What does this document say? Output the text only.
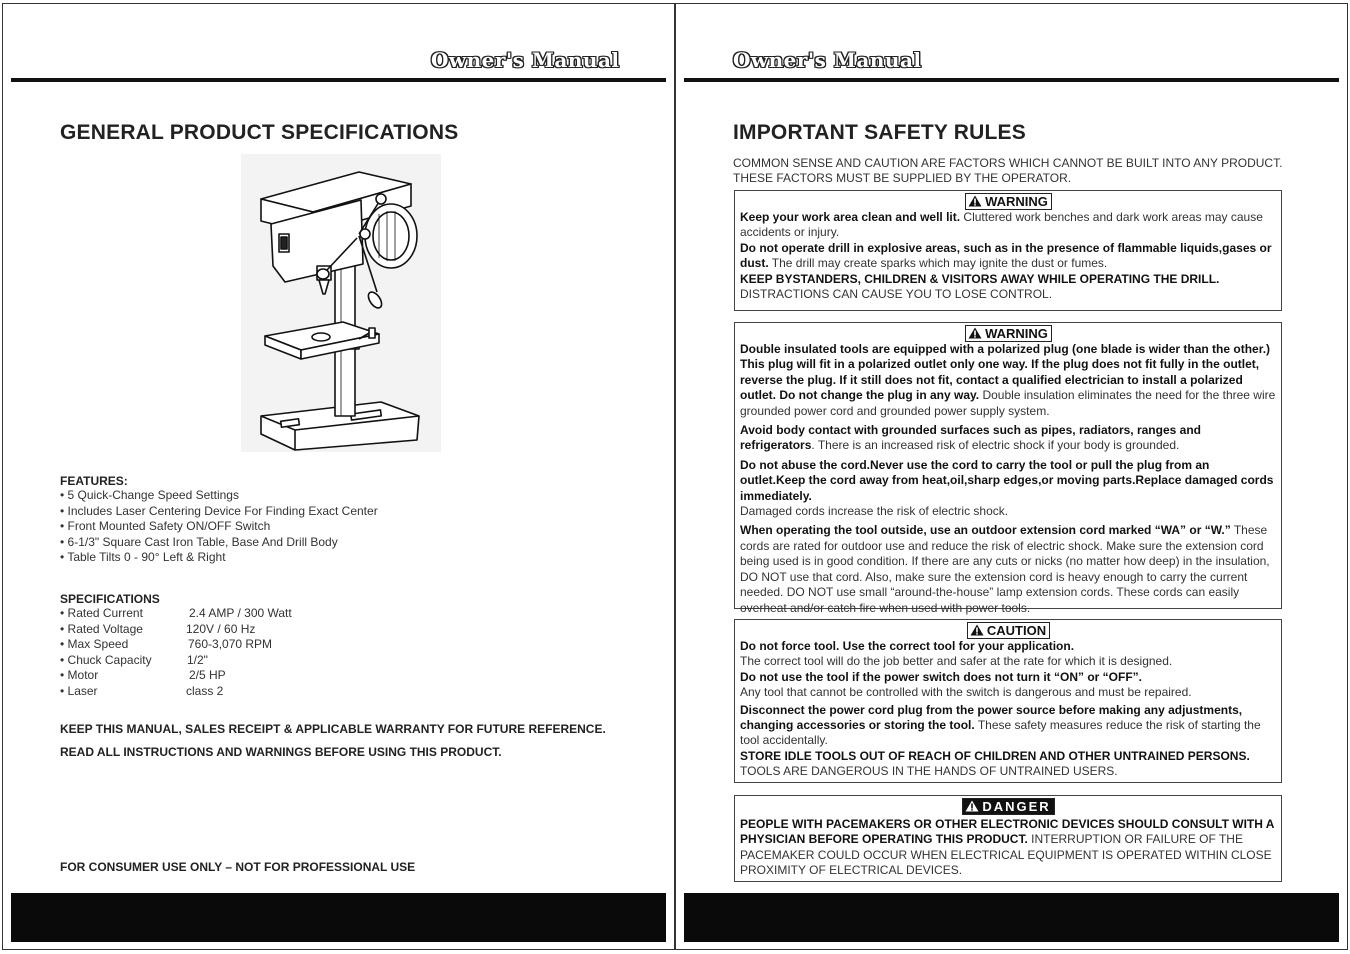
Owner's Manual
GENERAL PRODUCT SPECIFICATIONS

FEATURES:

• 5 Quick-Change Speed Settings
• Includes Laser Centering Device For Finding Exact Center
• Front Mounted Safety ON/OFF Switch
• 6-1/3" Square Cast Iron Table, Base And Drill Body
• Table Tilts 0 - 90° Left & Right

SPECIFICATIONS

• Rated Current	2.4 AMP / 300 Watt
• Rated Voltage	120V / 60 Hz
• Max Speed	760-3,070 RPM
• Chuck Capacity	1/2"
• Motor	2/5 HP
• Laser	class 2
KEEP THIS MANUAL, SALES RECEIPT & APPLICABLE WARRANTY FOR FUTURE REFERENCE.
READ ALL INSTRUCTIONS AND WARNINGS BEFORE USING THIS PRODUCT.
FOR CONSUMER USE ONLY – NOT FOR PROFESSIONAL USE
Owner's Manual
IMPORTANT SAFETY RULES
COMMON SENSE AND CAUTION ARE FACTORS WHICH CANNOT BE BUILT INTO ANY PRODUCT.
THESE FACTORS MUST BE SUPPLIED BY THE OPERATOR.
WARNING

Keep your work area clean and well lit. Cluttered work benches and dark work areas may cause accidents or injury.

Do not operate drill in explosive areas, such as in the presence of flammable liquids,gases or dust. The drill may create sparks which may ignite the dust or fumes.

KEEP BYSTANDERS, CHILDREN & VISITORS AWAY WHILE OPERATING THE DRILL.
DISTRACTIONS CAN CAUSE YOU TO LOSE CONTROL.

WARNING

Double insulated tools are equipped with a polarized plug (one blade is wider than the other.) This plug will fit in a polarized outlet only one way. If the plug does not fit fully in the outlet, reverse the plug. If it still does not fit, contact a qualified electrician to install a polarized outlet. Do not change the plug in any way. Double insulation eliminates the need for the three wire grounded power cord and grounded power supply system.

Avoid body contact with grounded surfaces such as pipes, radiators, ranges and refrigerators. There is an increased risk of electric shock if your body is grounded.

Do not abuse the cord.Never use the cord to carry the tool or pull the plug from an outlet.Keep the cord away from heat,oil,sharp edges,or moving parts.Replace damaged cords immediately.
Damaged cords increase the risk of electric shock.

When operating the tool outside, use an outdoor extension cord marked “WA” or “W.” These cords are rated for outdoor use and reduce the risk of electric shock. Make sure the extension cord being used is in good condition. If there are any cuts or nicks (no matter how deep) in the insulation, DO NOT use that cord. Also, make sure the extension cord is heavy enough to carry the current needed. DO NOT use small “around-the-house” lamp extension cords. These cords can easily overheat and/or catch fire when used with power tools.

CAUTION

Do not force tool. Use the correct tool for your application.
The correct tool will do the job better and safer at the rate for which it is designed.

Do not use the tool if the power switch does not turn it “ON” or “OFF”.
Any tool that cannot be controlled with the switch is dangerous and must be repaired.

Disconnect the power cord plug from the power source before making any adjustments, changing accessories or storing the tool. These safety measures reduce the risk of starting the tool accidentally.

STORE IDLE TOOLS OUT OF REACH OF CHILDREN AND OTHER UNTRAINED PERSONS.
TOOLS ARE DANGEROUS IN THE HANDS OF UNTRAINED USERS.

DANGER

PEOPLE WITH PACEMAKERS OR OTHER ELECTRONIC DEVICES SHOULD CONSULT WITH A PHYSICIAN BEFORE OPERATING THIS PRODUCT. INTERRUPTION OR FAILURE OF THE PACEMAKER COULD OCCUR WHEN ELECTRICAL EQUIPMENT IS OPERATED WITHIN CLOSE PROXIMITY OF ELECTRICAL DEVICES.
